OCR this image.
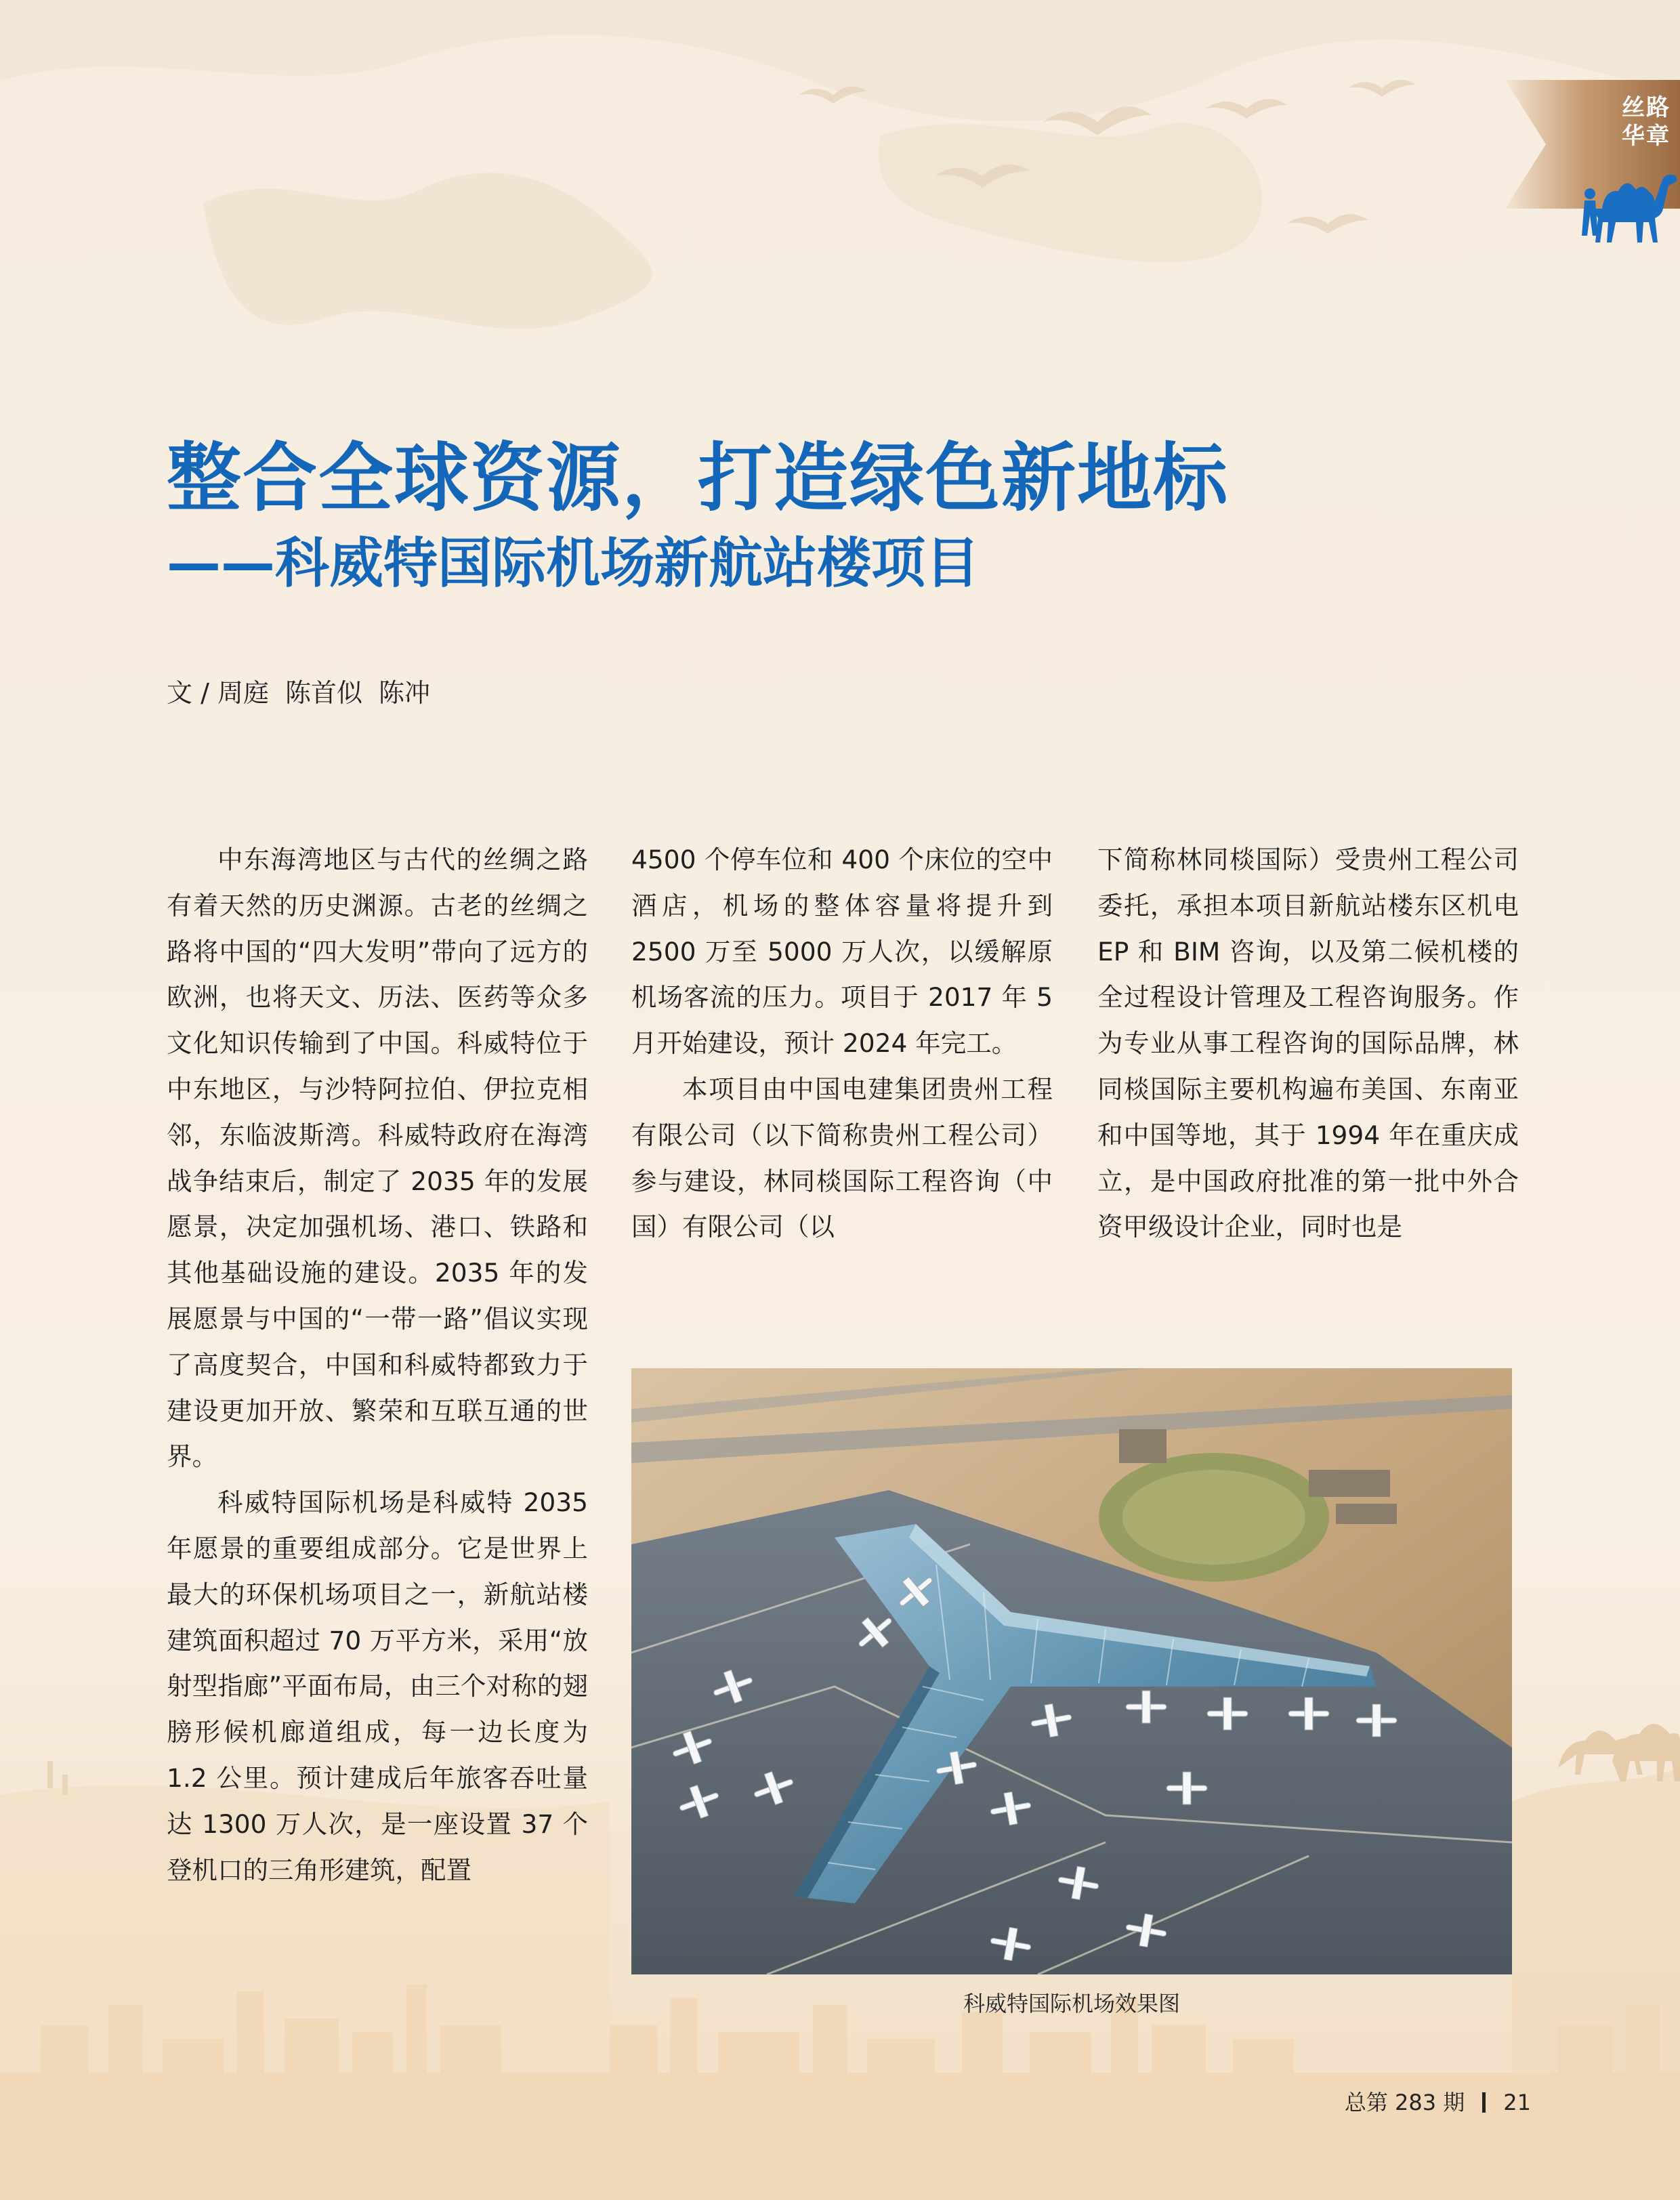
丝路
华章
整合全球资源，打造绿色新地标
——科威特国际机场新航站楼项目
文 / 周庭 陈首似 陈冲

中东海湾地区与古代的丝绸之路有着天然的历史渊源。古老的丝绸之路将中国的“四大发明”带向了远方的欧洲，也将天文、历法、医药等众多文化知识传输到了中国。科威特位于中东地区，与沙特阿拉伯、伊拉克相邻，东临波斯湾。科威特政府在海湾战争结束后，制定了 2035 年的发展愿景，决定加强机场、港口、铁路和其他基础设施的建设。2035 年的发展愿景与中国的“一带一路”倡议实现了高度契合，中国和科威特都致力于建设更加开放、繁荣和互联互通的世界。

科威特国际机场是科威特 2035 年愿景的重要组成部分。它是世界上最大的环保机场项目之一，新航站楼建筑面积超过 70 万平方米，采用“放射型指廊”平面布局，由三个对称的翅膀形候机廊道组成，每一边长度为 1.2 公里。预计建成后年旅客吞吐量达 1300 万人次，是一座设置 37 个登机口的三角形建筑，配置

4500 个停车位和 400 个床位的空中酒店，机场的整体容量将提升到 2500 万至 5000 万人次，以缓解原机场客流的压力。项目于 2017 年 5 月开始建设，预计 2024 年完工。

本项目由中国电建集团贵州工程有限公司（以下简称贵州工程公司）参与建设，林同棪国际工程咨询（中国）有限公司（以

下简称林同棪国际）受贵州工程公司委托，承担本项目新航站楼东区机电 EP 和 BIM 咨询，以及第二候机楼的全过程设计管理及工程咨询服务。作为专业从事工程咨询的国际品牌，林同棪国际主要机构遍布美国、东南亚和中国等地，其于 1994 年在重庆成立，是中国政府批准的第一批中外合资甲级设计企业，同时也是

科威特国际机场效果图
总第 283 期 21
